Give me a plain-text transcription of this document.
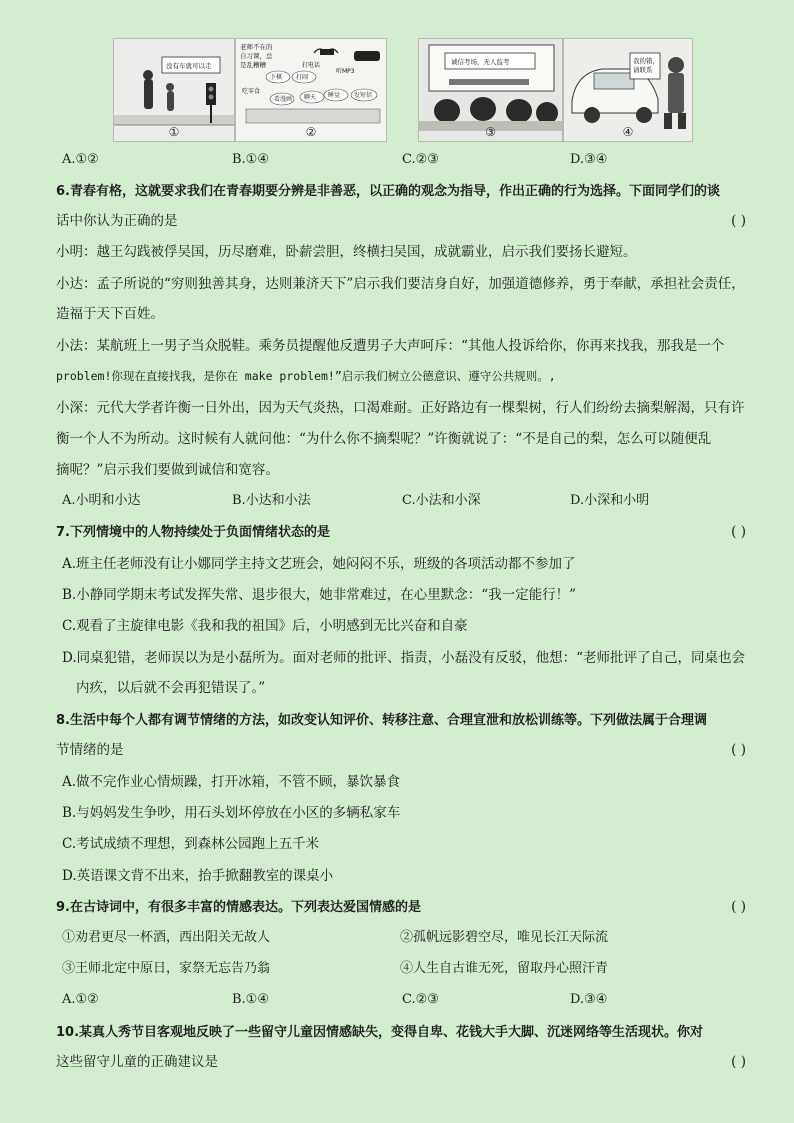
没有车就可以走
①
老师不在的
自习课，总
是乱糟糟
下棋 打闹
打电话
听MP3
看漫画 聊天 睡觉 发短信
吃零食
②
诚信考场，无人监考
③
我的错，
请联系
④
A.①②	B.①④	C.②③	D.③④
6.青春有格，这就要求我们在青春期要分辨是非善恶，以正确的观念为指导，作出正确的行为选择。下面同学们的谈
话中你认为正确的是	( )
小明：越王勾践被俘吴国，历尽磨难，卧薪尝胆，终横扫吴国，成就霸业，启示我们要扬长避短。
小达：孟子所说的“穷则独善其身，达则兼济天下”启示我们要洁身自好，加强道德修养，勇于奉献，承担社会责任，
造福于天下百姓。
小法：某航班上一男子当众脱鞋。乘务员提醒他反遭男子大声呵斥：“其他人投诉给你，你再来找我，那我是一个
problem!你现在直接找我，是你在 make problem!”启示我们树立公德意识、遵守公共规则。,
小深：元代大学者许衡一日外出，因为天气炎热，口渴难耐。正好路边有一棵梨树，行人们纷纷去摘梨解渴，只有许
衡一个人不为所动。这时候有人就问他：“为什么你不摘梨呢？”许衡就说了：“不是自己的梨，怎么可以随便乱
摘呢？”启示我们要做到诚信和宽容。
A.小明和小达	B.小达和小法	C.小法和小深	D.小深和小明
7.下列情境中的人物持续处于负面情绪状态的是	( )
A.班主任老师没有让小娜同学主持文艺班会，她闷闷不乐，班级的各项活动都不参加了
B.小静同学期末考试发挥失常、退步很大，她非常难过，在心里默念：“我一定能行！”
C.观看了主旋律电影《我和我的祖国》后，小明感到无比兴奋和自豪
D.同桌犯错，老师误以为是小磊所为。面对老师的批评、指责，小磊没有反驳，他想：“老师批评了自己，同桌也会
内疚，以后就不会再犯错误了。”
8.生活中每个人都有调节情绪的方法，如改变认知评价、转移注意、合理宣泄和放松训练等。下列做法属于合理调
节情绪的是	( )
A.做不完作业心情烦躁，打开冰箱，不管不顾，暴饮暴食
B.与妈妈发生争吵，用石头划坏停放在小区的多辆私家车
C.考试成绩不理想，到森林公园跑上五千米
D.英语课文背不出来，抬手掀翻教室的课桌小
9.在古诗词中，有很多丰富的情感表达。下列表达爱国情感的是	( )
①劝君更尽一杯酒，西出阳关无故人	②孤帆远影碧空尽，唯见长江天际流
③王师北定中原日，家祭无忘告乃翁	④人生自古谁无死，留取丹心照汗青
A.①②	B.①④	C.②③	D.③④
10.某真人秀节目客观地反映了一些留守儿童因情感缺失，变得自卑、花钱大手大脚、沉迷网络等生活现状。你对
这些留守儿童的正确建议是	( )
